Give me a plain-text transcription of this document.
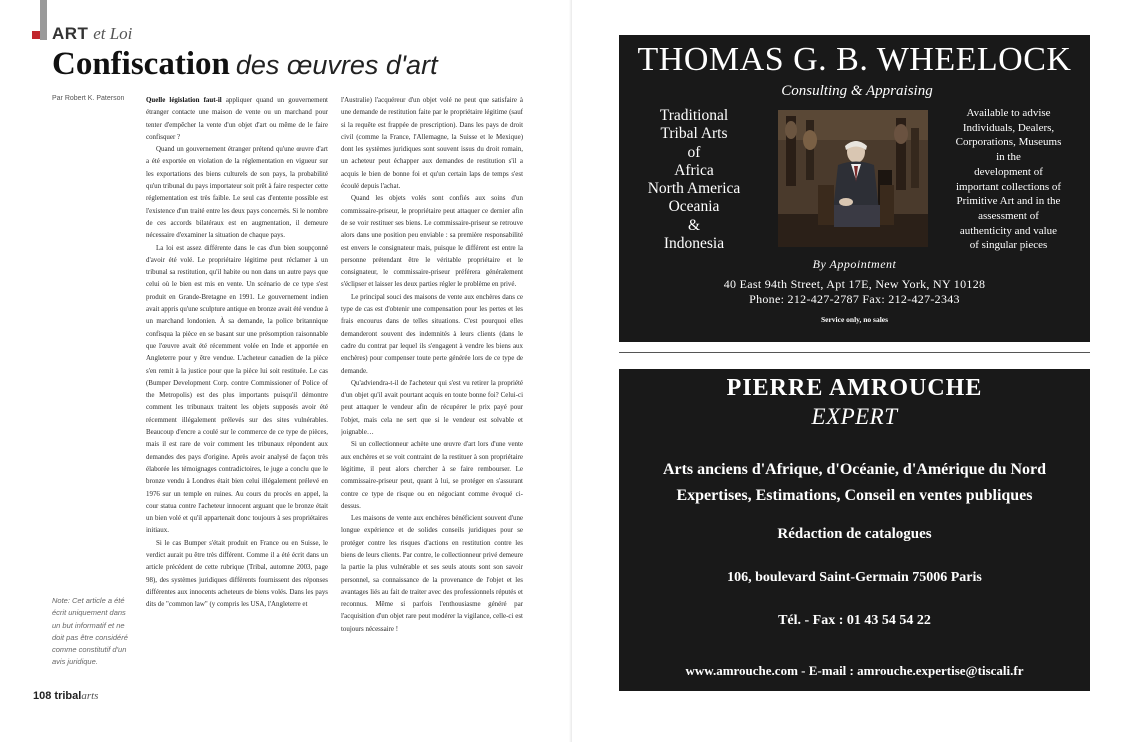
ART et Loi
Confiscation des œuvres d'art
Par Robert K. Paterson	Quelle législation faut-il appliquer quand un gouvernement étranger contacte une maison de vente ou un marchand pour tenter d'empêcher la vente d'un objet d'art ou même de le faire confisquer ?

Quand un gouvernement étranger prétend qu'une œuvre d'art a été exportée en violation de la réglementation en vigueur sur les exportations des biens culturels de son pays, la probabilité qu'un tribunal du pays importateur soit prêt à faire respecter cette réglementation est très faible. Le seul cas d'entente possible est l'existence d'un traité entre les deux pays concernés. Si le nombre de ces accords bilatéraux est en augmentation, il demeure nécessaire d'examiner la situation de chaque pays.

La loi est assez différente dans le cas d'un bien soupçonné d'avoir été volé. Le propriétaire légitime peut réclamer à un tribunal sa restitution, qu'il habite ou non dans un autre pays que celui où le bien est mis en vente. Un scénario de ce type s'est produit en Grande-Bretagne en 1991. Le gouvernement indien avait appris qu'une sculpture antique en bronze avait été vendue à un marchand londonien. À sa demande, la police britannique confisqua la pièce en se basant sur une présomption raisonnable que l'œuvre avait été récemment volée en Inde et apportée en Angleterre pour y être vendue. L'acheteur canadien de la pièce s'en remit à la justice pour que la pièce lui soit restituée. Le cas (Bumper Development Corp. contre Commissioner of Police of the Metropolis) est des plus importants puisqu'il démontre comment les tribunaux traitent les objets supposés avoir été récemment illégalement prélevés sur des sites vulnérables. Beaucoup d'encre a coulé sur le commerce de ce type de pièces, mais il est rare de voir comment les tribunaux répondent aux demandes des pays d'origine. Après avoir analysé de façon très élaborée les témoignages contradictoires, le juge a conclu que le bronze vendu à Londres était bien celui illégalement prélevé en 1976 sur un temple en ruines. Au cours du procès en appel, la cour statua contre l'acheteur innocent arguant que le bronze était un bien volé et qu'il appartenait donc toujours à ses propriétaires initiaux.

Si le cas Bumper s'était produit en France ou en Suisse, le verdict aurait pu être très différent. Comme il a été écrit dans un article précédent de cette rubrique (Tribal, automne 2003, page 98), des systèmes juridiques différents fournissent des réponses différentes aux innocents acheteurs de biens volés. Dans les pays dits de "common law" (y compris les USA, l'Angleterre et

l'Australie) l'acquéreur d'un objet volé ne peut que satisfaire à une demande de restitution faite par le propriétaire légitime (sauf si la requête est frappée de prescription). Dans les pays de droit civil (comme la France, l'Allemagne, la Suisse et le Mexique) dont les systèmes juridiques sont souvent issus du droit romain, un acheteur peut échapper aux demandes de restitution s'il a acquis le bien de bonne foi et qu'un certain laps de temps s'est écoulé depuis l'achat.

Quand les objets volés sont confiés aux soins d'un commissaire-priseur, le propriétaire peut attaquer ce dernier afin de se voir restituer ses biens. Le commissaire-priseur se retrouve alors dans une position peu enviable : sa première responsabilité est envers le consignateur mais, puisque le différent est entre la personne prétendant être le véritable propriétaire et le consignateur, le commissaire-priseur préférera généralement s'éclipser et laisser les deux parties régler le problème en privé.

Le principal souci des maisons de vente aux enchères dans ce type de cas est d'obtenir une compensation pour les pertes et les frais encourus dans de telles situations. C'est pourquoi elles demanderont souvent des indemnités à leurs clients (dans le cadre du contrat par lequel ils s'engagent à vendre les biens aux enchères) pour compenser toute perte générée lors de ce type de demande.

Qu'adviendra-t-il de l'acheteur qui s'est vu retirer la propriété d'un objet qu'il avait pourtant acquis en toute bonne foi? Celui-ci peut attaquer le vendeur afin de récupérer le prix payé pour l'objet, mais cela ne sert que si le vendeur est solvable et joignable…

Si un collectionneur achète une œuvre d'art lors d'une vente aux enchères et se voit contraint de la restituer à son propriétaire légitime, il peut alors chercher à se faire rembourser. Le commissaire-priseur peut, quant à lui, se protéger en s'assurant contre ce type de risque ou en négociant comme évoqué ci-dessus.

Les maisons de vente aux enchères bénéficient souvent d'une longue expérience et de solides conseils juridiques pour se protéger contre les risques d'actions en restitution contre les biens de leurs clients. Par contre, le collectionneur privé demeure la partie la plus vulnérable et ses seuls atouts sont son savoir personnel, sa connaissance de la provenance de l'objet et les avantages liés au fait de traiter avec des professionnels réputés et reconnus. Même si parfois l'enthousiasme généré par l'acquisition d'un objet rare peut modérer la vigilance, celle-ci est toujours nécessaire !

Note: Cet article a été écrit uniquement dans un but informatif et ne doit pas être considéré comme constitutif d'un avis juridique.
108 tribalarts
THOMAS G. B. WHEELOCK
Consulting & Appraising
Traditional
Tribal Arts
of
Africa
North America
Oceania
&
Indonesia
Available to advise
Individuals, Dealers,
Corporations, Museums
in the
development of
important collections of
Primitive Art and in the
assessment of
authenticity and value
of singular pieces
By Appointment
40 East 94th Street, Apt 17E, New York, NY 10128
Phone: 212-427-2787 Fax: 212-427-2343
Service only, no sales
PIERRE AMROUCHE
EXPERT
Arts anciens d'Afrique, d'Océanie, d'Amérique du Nord
Expertises, Estimations, Conseil en ventes publiques
Rédaction de catalogues
106, boulevard Saint-Germain 75006 Paris
Tél. - Fax : 01 43 54 54 22
www.amrouche.com - E-mail : amrouche.expertise@tiscali.fr
